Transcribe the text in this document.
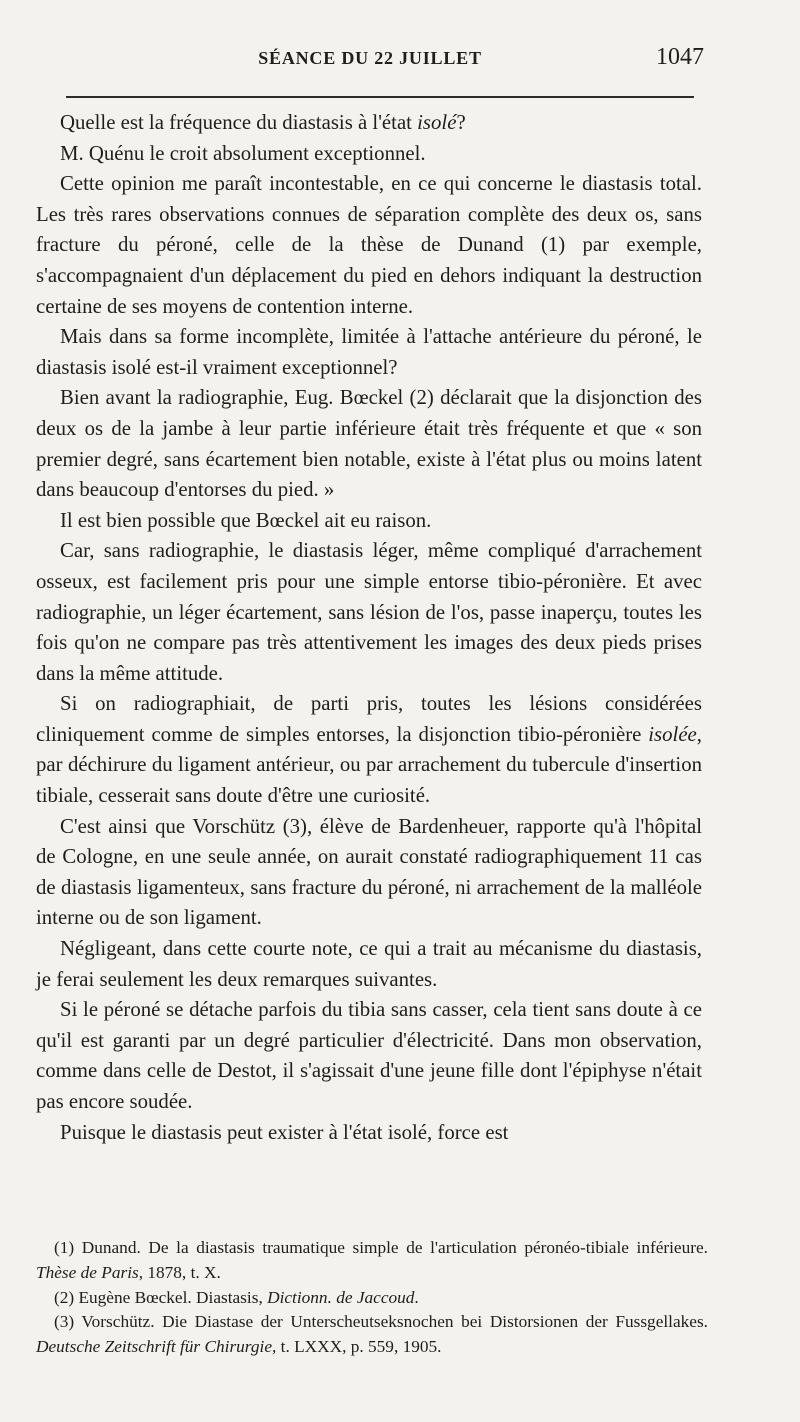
SÉANCE DU 22 JUILLET	1047

Quelle est la fréquence du diastasis à l'état isolé?

M. Quénu le croit absolument exceptionnel.

Cette opinion me paraît incontestable, en ce qui concerne le diastasis total. Les très rares observations connues de séparation complète des deux os, sans fracture du péroné, celle de la thèse de Dunand (1) par exemple, s'accompagnaient d'un déplacement du pied en dehors indiquant la destruction certaine de ses moyens de contention interne.

Mais dans sa forme incomplète, limitée à l'attache antérieure du péroné, le diastasis isolé est-il vraiment exceptionnel?

Bien avant la radiographie, Eug. Bœckel (2) déclarait que la disjonction des deux os de la jambe à leur partie inférieure était très fréquente et que « son premier degré, sans écartement bien notable, existe à l'état plus ou moins latent dans beaucoup d'entorses du pied. »

Il est bien possible que Bœckel ait eu raison.

Car, sans radiographie, le diastasis léger, même compliqué d'arrachement osseux, est facilement pris pour une simple entorse tibio-péronière. Et avec radiographie, un léger écartement, sans lésion de l'os, passe inaperçu, toutes les fois qu'on ne compare pas très attentivement les images des deux pieds prises dans la même attitude.

Si on radiographiait, de parti pris, toutes les lésions considérées cliniquement comme de simples entorses, la disjonction tibio-péronière isolée, par déchirure du ligament antérieur, ou par arrachement du tubercule d'insertion tibiale, cesserait sans doute d'être une curiosité.

C'est ainsi que Vorschütz (3), élève de Bardenheuer, rapporte qu'à l'hôpital de Cologne, en une seule année, on aurait constaté radiographiquement 11 cas de diastasis ligamenteux, sans fracture du péroné, ni arrachement de la malléole interne ou de son ligament.

Négligeant, dans cette courte note, ce qui a trait au mécanisme du diastasis, je ferai seulement les deux remarques suivantes.

Si le péroné se détache parfois du tibia sans casser, cela tient sans doute à ce qu'il est garanti par un degré particulier d'électricité. Dans mon observation, comme dans celle de Destot, il s'agissait d'une jeune fille dont l'épiphyse n'était pas encore soudée.

Puisque le diastasis peut exister à l'état isolé, force est

(1) Dunand. De la diastasis traumatique simple de l'articulation péronéo-tibiale inférieure. Thèse de Paris, 1878, t. X.

(2) Eugène Bœckel. Diastasis, Dictionn. de Jaccoud.

(3) Vorschütz. Die Diastase der Unterscheutseksnochen bei Distorsionen der Fussgellakes. Deutsche Zeitschrift für Chirurgie, t. LXXX, p. 559, 1905.
